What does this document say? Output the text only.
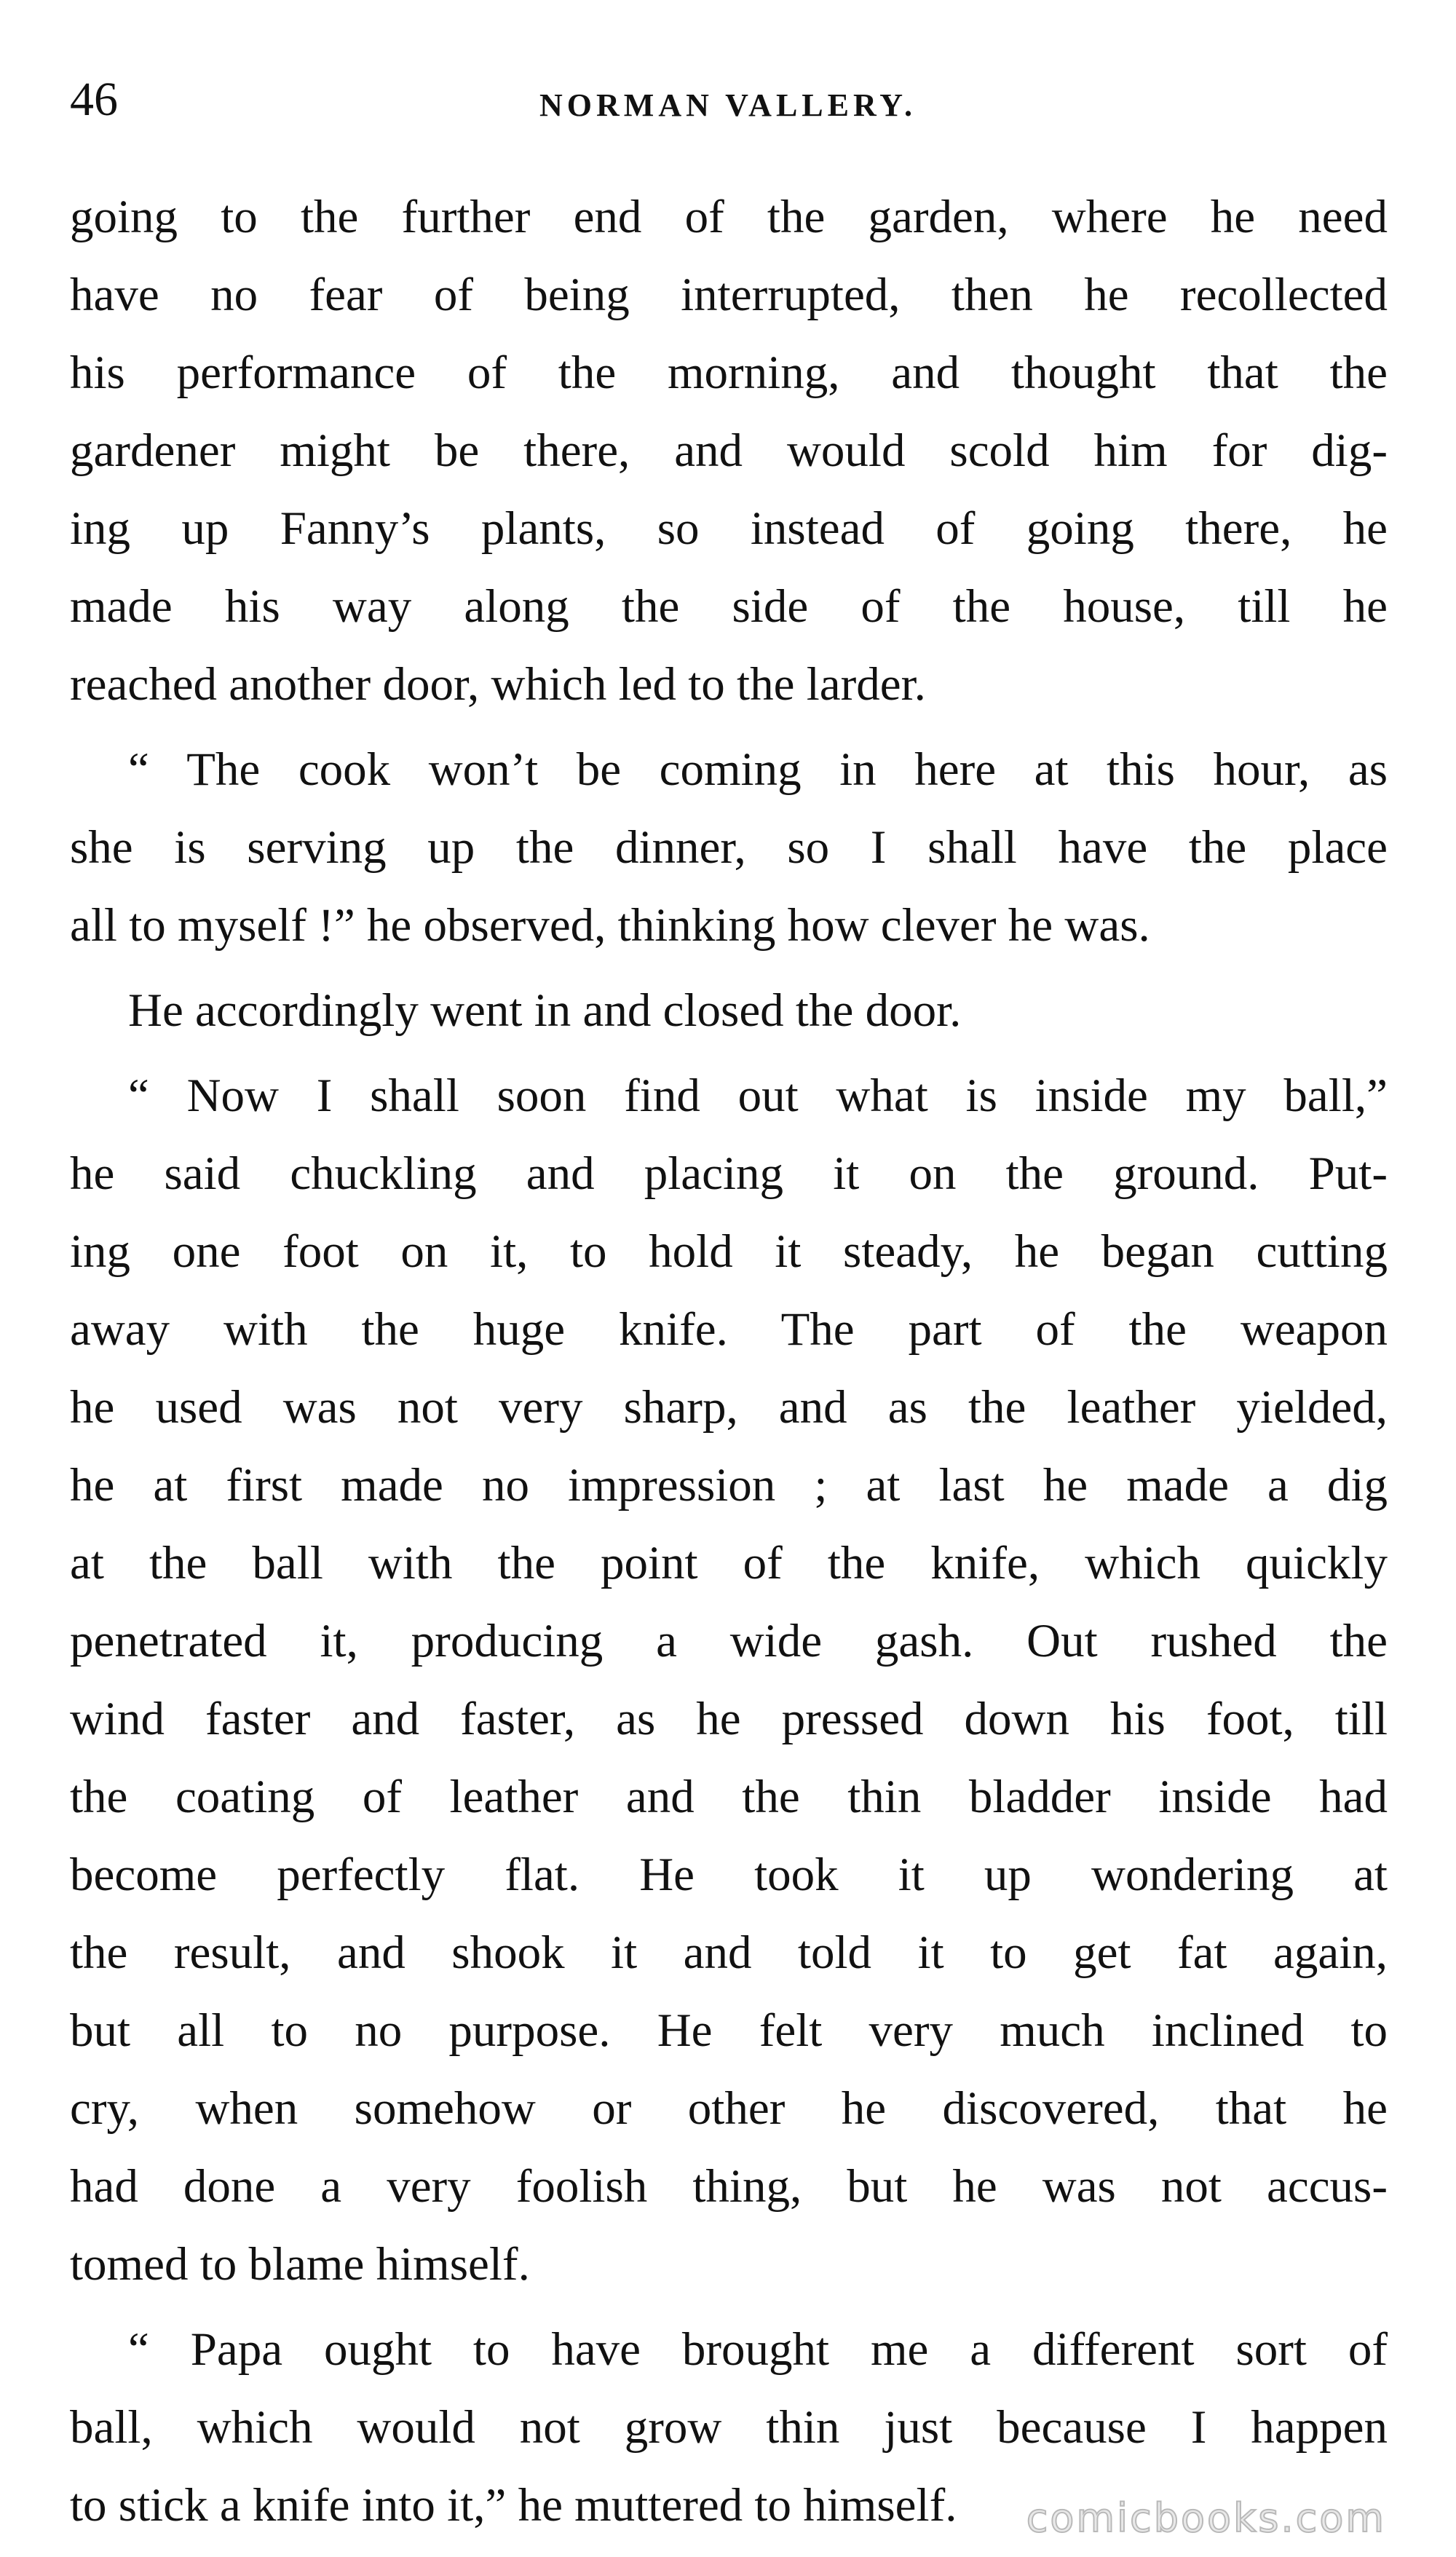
46	NORMAN VALLERY.

going to the further end of the garden, where he need
have no fear of being interrupted, then he recollected
his performance of the morning, and thought that the
gardener might be there, and would scold him for dig-
ing up Fanny’s plants, so instead of going there, he
made his way along the side of the house, till he
reached another door, which led to the larder.

“ The cook won’t be coming in here at this hour, as
she is serving up the dinner, so I shall have the place
all to myself !” he observed, thinking how clever he was.

He accordingly went in and closed the door.

“ Now I shall soon find out what is inside my ball,”
he said chuckling and placing it on the ground. Put-
ing one foot on it, to hold it steady, he began cutting
away with the huge knife. The part of the weapon
he used was not very sharp, and as the leather yielded,
he at first made no impression ; at last he made a dig
at the ball with the point of the knife, which quickly
penetrated it, producing a wide gash. Out rushed the
wind faster and faster, as he pressed down his foot, till
the coating of leather and the thin bladder inside had
become perfectly flat. He took it up wondering at
the result, and shook it and told it to get fat again,
but all to no purpose. He felt very much inclined to
cry, when somehow or other he discovered, that he
had done a very foolish thing, but he was not accus-
tomed to blame himself.

“ Papa ought to have brought me a different sort of
ball, which would not grow thin just because I happen
to stick a knife into it,” he muttered to himself.	comicbooks.com
